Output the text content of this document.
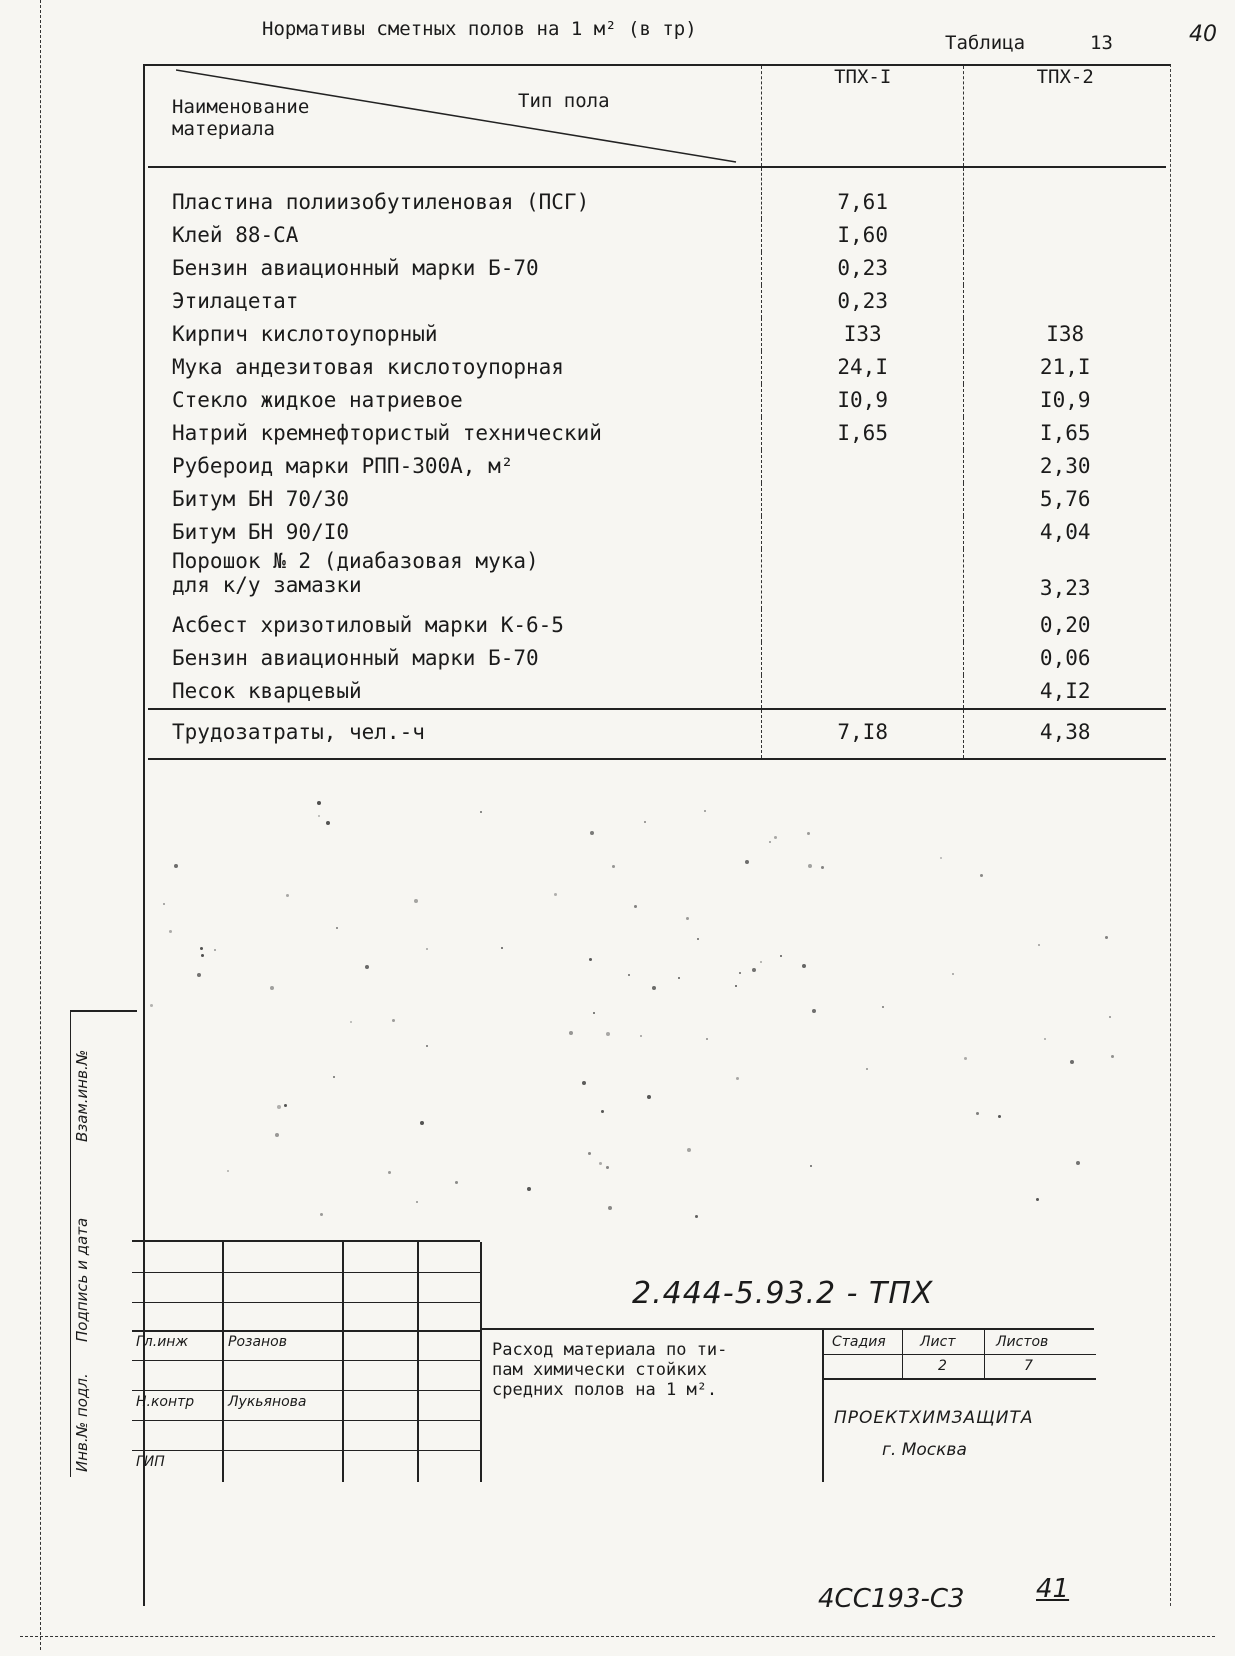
Нормативы сметных полов на 1 м² (в тр)
Таблица	13	40
Наименование
материала
Тип пола	ТПХ-I	ТПХ-2
Пластина полиизобутиленовая (ПСГ)	7,61	
Клей 88-СА	I,60	
Бензин авиационный марки Б-70	0,23	
Этилацетат	0,23	
Кирпич кислотоупорный	I33	I38
Мука андезитовая кислотоупорная	24,I	21,I
Стекло жидкое натриевое	I0,9	I0,9
Натрий кремнефтористый технический	I,65	I,65
Рубероид марки РПП-300А, м²		2,30
Битум БН 70/30		5,76
Битум БН 90/I0		4,04
Порошок № 2 (диабазовая мука)
для к/у замазки		3,23
Асбест хризотиловый марки К-6-5		0,20
Бензин авиационный марки Б-70		0,06
Песок кварцевый		4,I2
Трудозатраты, чел.-ч	7,I8	4,38
Инв.№ подл.
Подпись и дата
Взам.инв.№
Гл.инж	Розанов
Н.контр Лукьянова
ГИП
2.444-5.93.2 - ТПХ
Расход материала по ти-
пам химически стойких
средних полов на 1 м².
Стадия Лист	Листов
2	7
ПРОЕКТХИМЗАЩИТА
г. Москва
4СС193-С3	41
